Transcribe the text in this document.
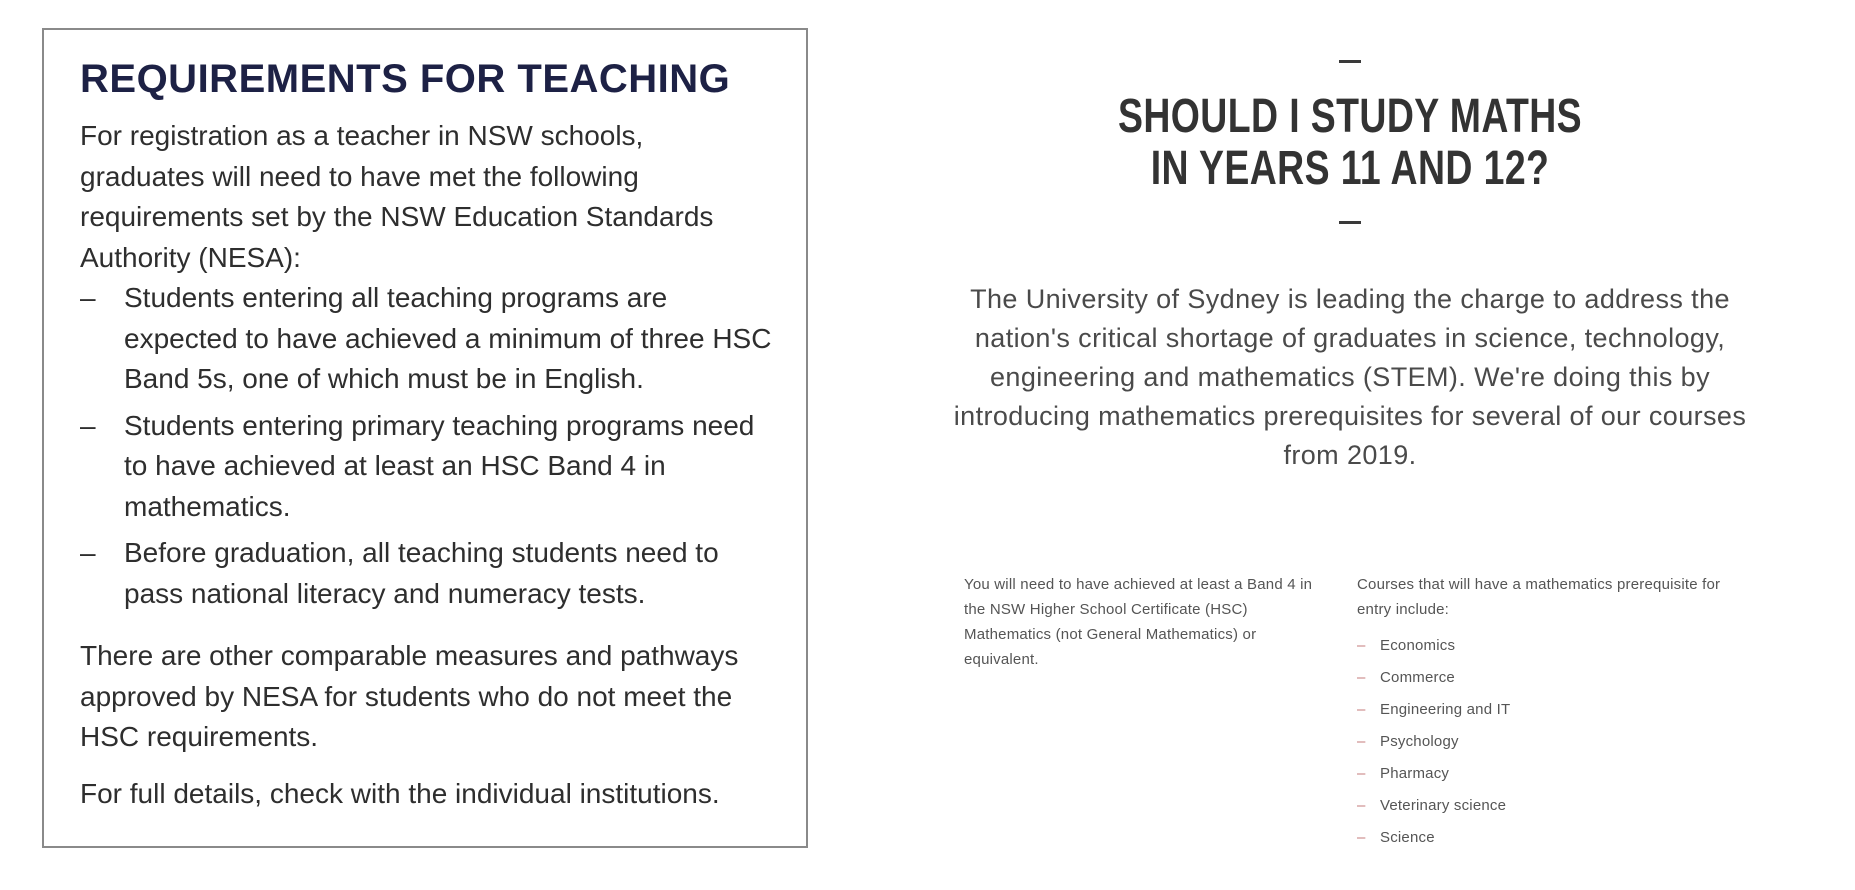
REQUIREMENTS FOR TEACHING

For registration as a teacher in NSW schools, graduates will need to have met the following requirements set by the NSW Education Standards Authority (NESA):

– Students entering all teaching programs are expected to have achieved a minimum of three HSC Band 5s, one of which must be in English.
– Students entering primary teaching programs need to have achieved at least an HSC Band 4 in mathematics.
– Before graduation, all teaching students need to pass national literacy and numeracy tests.

There are other comparable measures and pathways approved by NESA for students who do not meet the HSC requirements.

For full details, check with the individual institutions.

SHOULD I STUDY MATHS
IN YEARS 11 AND 12?

The University of Sydney is leading the charge to address the nation's critical shortage of graduates in science, technology, engineering and mathematics (STEM). We're doing this by introducing mathematics prerequisites for several of our courses from 2019.

You will need to have achieved at least a Band 4 in the NSW Higher School Certificate (HSC) Mathematics (not General Mathematics) or equivalent.
Courses that will have a mathematics prerequisite for entry include:
– Economics
– Commerce
– Engineering and IT
– Psychology
– Pharmacy
– Veterinary science
– Science
